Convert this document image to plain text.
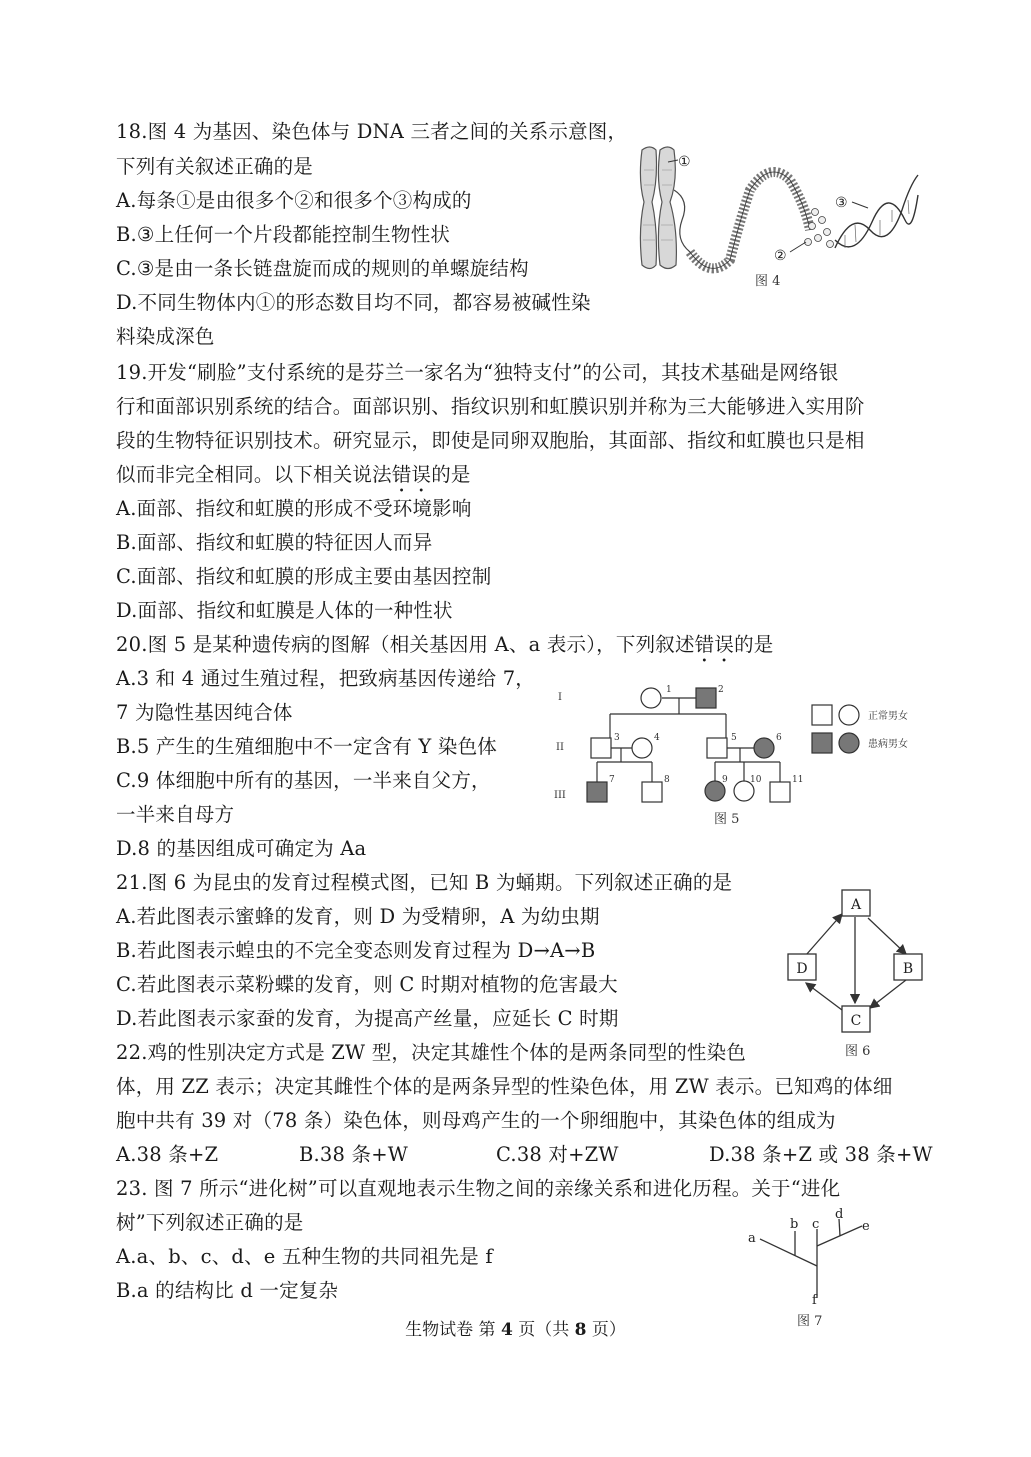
18.图 4 为基因、染色体与 DNA 三者之间的关系示意图，
下列有关叙述正确的是
A.每条①是由很多个②和很多个③构成的
B.③上任何一个片段都能控制生物性状
C.③是由一条长链盘旋而成的规则的单螺旋结构
D.不同生物体内①的形态数目均不同，都容易被碱性染
料染成深色
①
②
③
图 4
19.开发“刷脸”支付系统的是芬兰一家名为“独特支付”的公司，其技术基础是网络银
行和面部识别系统的结合。面部识别、指纹识别和虹膜识别并称为三大能够进入实用阶
段的生物特征识别技术。研究显示，即使是同卵双胞胎，其面部、指纹和虹膜也只是相
似而非完全相同。以下相关说法错误的是
A.面部、指纹和虹膜的形成不受环境影响
B.面部、指纹和虹膜的特征因人而异
C.面部、指纹和虹膜的形成主要由基因控制
D.面部、指纹和虹膜是人体的一种性状
20.图 5 是某种遗传病的图解（相关基因用 A、a 表示），下列叙述错误的是
A.3 和 4 通过生殖过程，把致病基因传递给 7，
7 为隐性基因纯合体
B.5 产生的生殖细胞中不一定含有 Y 染色体
C.9 体细胞中所有的基因，一半来自父方，
一半来自母方
D.8 的基因组成可确定为 Aa
I
II
III
1	2
3	4	5	6
7	8	9 10	11
正常男女
患病男女
图 5
21.图 6 为昆虫的发育过程模式图，已知 B 为蛹期。下列叙述正确的是
A.若此图表示蜜蜂的发育，则 D 为受精卵，A 为幼虫期
B.若此图表示蝗虫的不完全变态则发育过程为 D→A→B
C.若此图表示菜粉蝶的发育，则 C 时期对植物的危害最大
D.若此图表示家蚕的发育，为提高产丝量，应延长 C 时期
A
B
C
D
图 6
22.鸡的性别决定方式是 ZW 型，决定其雄性个体的是两条同型的性染色
体，用 ZZ 表示；决定其雌性个体的是两条异型的性染色体，用 ZW 表示。已知鸡的体细
胞中共有 39 对（78 条）染色体，则母鸡产生的一个卵细胞中，其染色体的组成为
A.38 条+Z	B.38 条+W	C.38 对+ZW	D.38 条+Z 或 38 条+W
23. 图 7 所示“进化树”可以直观地表示生物之间的亲缘关系和进化历程。关于“进化
树”下列叙述正确的是
A.a、b、c、d、e 五种生物的共同祖先是 f
B.a 的结构比 d 一定复杂
a
b c
d
e
f
图 7
生物试卷 第 4 页（共 8 页）
